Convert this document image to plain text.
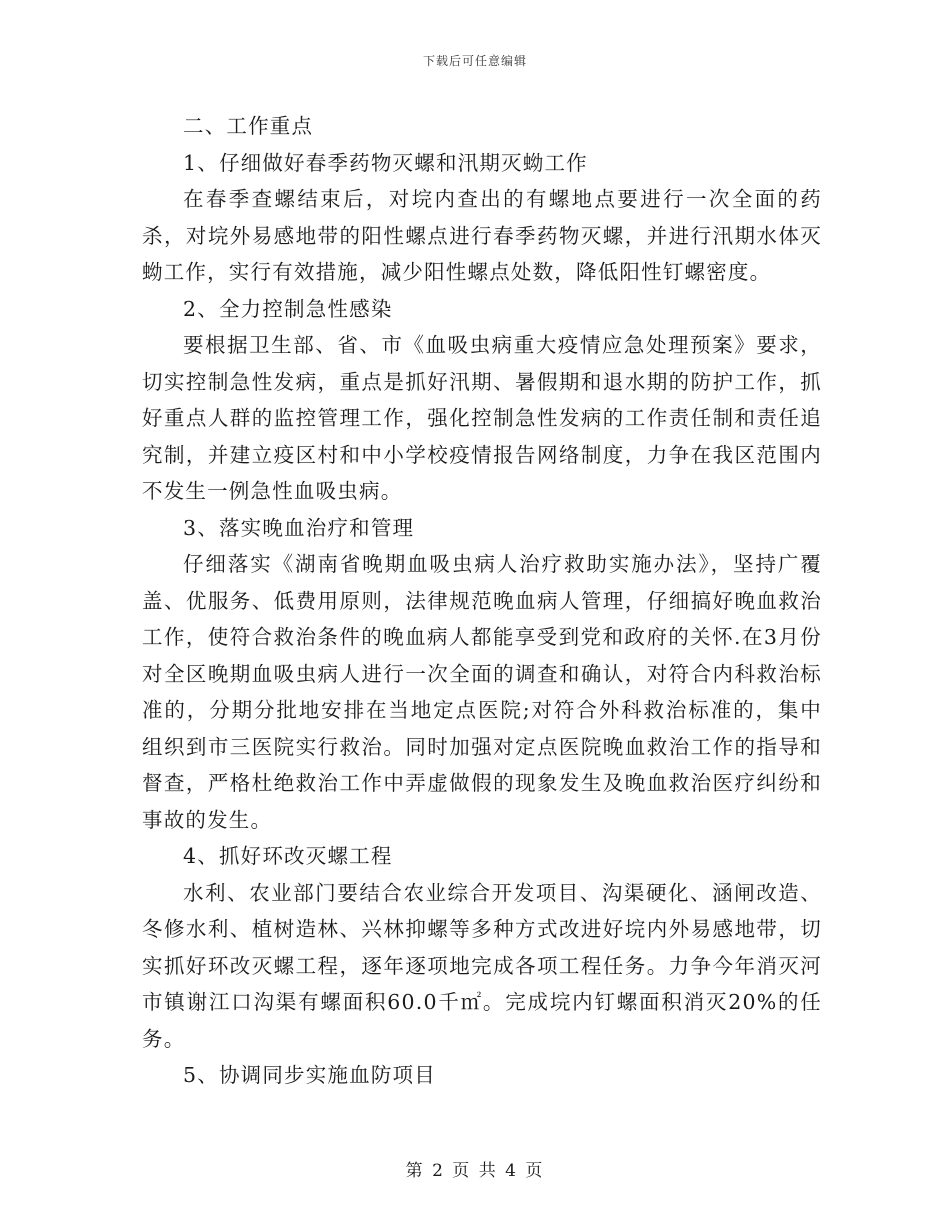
下载后可任意编辑

二、工作重点

1、仔细做好春季药物灭螺和汛期灭蚴工作

在春季查螺结束后，对垸内查出的有螺地点要进行一次全面的药杀，对垸外易感地带的阳性螺点进行春季药物灭螺，并进行汛期水体灭蚴工作，实行有效措施，减少阳性螺点处数，降低阳性钉螺密度。

2、全力控制急性感染

要根据卫生部、省、市《血吸虫病重大疫情应急处理预案》要求，切实控制急性发病，重点是抓好汛期、暑假期和退水期的防护工作，抓好重点人群的监控管理工作，强化控制急性发病的工作责任制和责任追究制，并建立疫区村和中小学校疫情报告网络制度，力争在我区范围内不发生一例急性血吸虫病。

3、落实晚血治疗和管理

仔细落实《湖南省晚期血吸虫病人治疗救助实施办法》，坚持广覆盖、优服务、低费用原则，法律规范晚血病人管理，仔细搞好晚血救治工作，使符合救治条件的晚血病人都能享受到党和政府的关怀.在3月份对全区晚期血吸虫病人进行一次全面的调查和确认，对符合内科救治标准的，分期分批地安排在当地定点医院;对符合外科救治标准的，集中组织到市三医院实行救治。同时加强对定点医院晚血救治工作的指导和督查，严格杜绝救治工作中弄虚做假的现象发生及晚血救治医疗纠纷和事故的发生。

4、抓好环改灭螺工程

水利、农业部门要结合农业综合开发项目、沟渠硬化、涵闸改造、冬修水利、植树造林、兴林抑螺等多种方式改进好垸内外易感地带，切实抓好环改灭螺工程，逐年逐项地完成各项工程任务。力争今年消灭河市镇谢江口沟渠有螺面积60.0千㎡。完成垸内钉螺面积消灭20%的任务。

5、协调同步实施血防项目

第 2 页 共 4 页
